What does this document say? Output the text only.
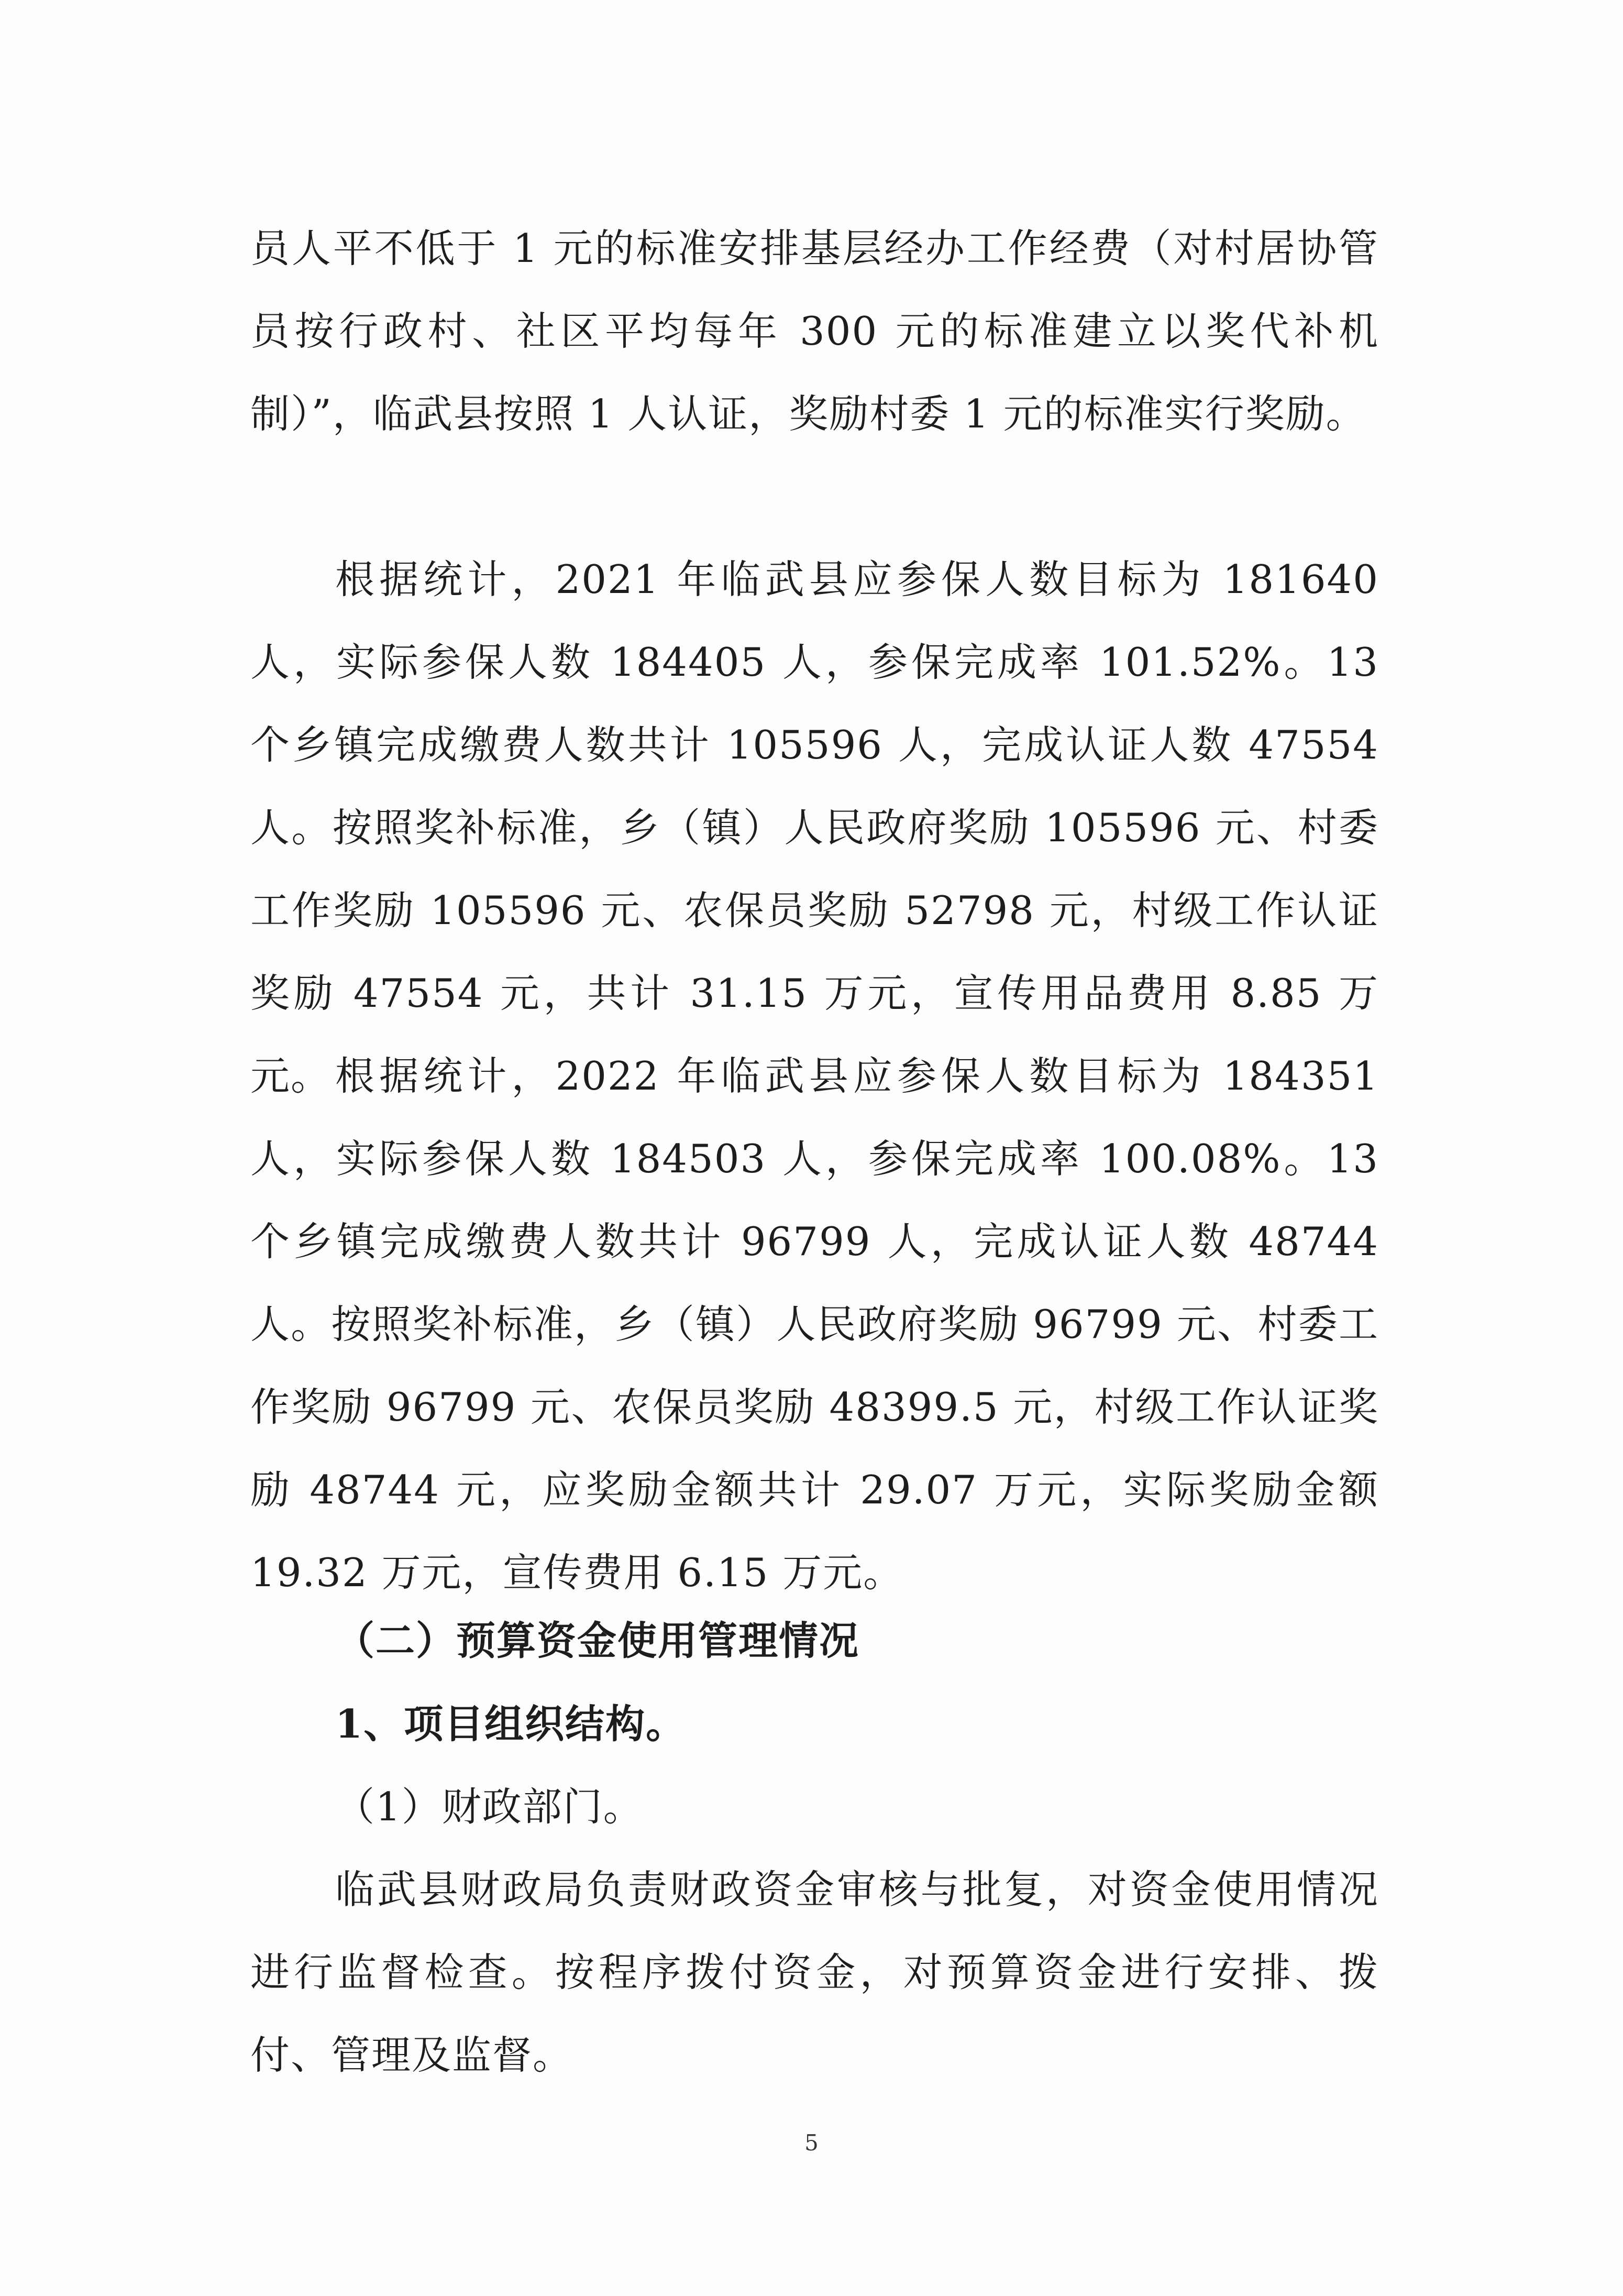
员人平不低于 1 元的标准安排基层经办工作经费（对村居协管员按行政村、社区平均每年 300 元的标准建立以奖代补机制）”，临武县按照 1 人认证，奖励村委 1 元的标准实行奖励。

根据统计，2021 年临武县应参保人数目标为 181640 人，实际参保人数 184405 人，参保完成率 101.52%。13 个乡镇完成缴费人数共计 105596 人，完成认证人数 47554 人。按照奖补标准，乡（镇）人民政府奖励 105596 元、村委工作奖励 105596 元、农保员奖励 52798 元，村级工作认证奖励 47554 元，共计 31.15 万元，宣传用品费用 8.85 万元。 根据统计，2022 年临武县应参保人数目标为 184351 人，实际参保人数 184503 人，参保完成率 100.08%。13 个乡镇完成缴费人数共计 96799 人，完成认证人数 48744 人。按照奖补标准，乡（镇）人民政府奖励 96799 元、村委工作奖励 96799 元、农保员奖励 48399.5 元，村级工作认证奖励 48744 元，应奖励金额共计 29.07 万元，实际奖励金额 19.32 万元，宣传费用 6.15 万元。

（二）预算资金使用管理情况
1、项目组织结构。
（1）财政部门。

临武县财政局负责财政资金审核与批复，对资金使用情况进行监督检查。按程序拨付资金，对预算资金进行安排、拨付、管理及监督。

5
